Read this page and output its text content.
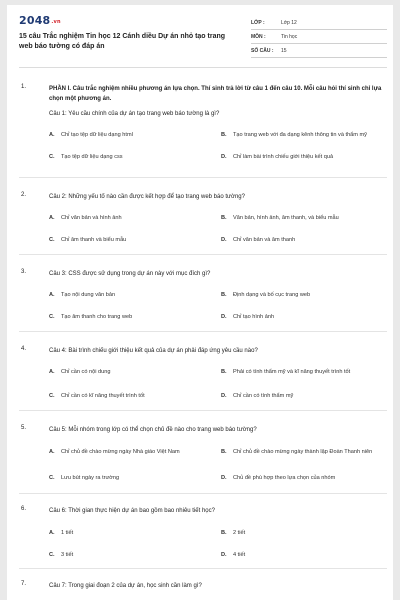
2048.vn
15 câu Trắc nghiệm Tin học 12 Cánh diều Dự án nhỏ tạo trang web báo tường có đáp án
LỚP :	Lớp 12
MÔN :	Tin học
SỐ CÂU :	15
1.	PHẦN I. Câu trắc nghiệm nhiều phương án lựa chọn. Thí sinh trả lời từ câu 1 đến câu 10. Mỗi câu hỏi thí sinh chỉ lựa chọn một phương án.
Câu 1: Yêu cầu chính của dự án tạo trang web báo tường là gì?
A.	Chỉ tạo tệp dữ liệu dạng html	B.	Tạo trang web với đa dạng kênh thông tin và thẩm mỹ
C.	Tạo tệp dữ liệu dạng css	D.	Chỉ làm bài trình chiếu giới thiệu kết quả
2.	Câu 2: Những yếu tố nào cần được kết hợp để tạo trang web báo tường?
A.	Chỉ văn bản và hình ảnh	B.	Văn bản, hình ảnh, âm thanh, và biểu mẫu
C.	Chỉ âm thanh và biểu mẫu	D.	Chỉ văn bản và âm thanh
3.	Câu 3: CSS được sử dụng trong dự án này với mục đích gì?
A.	Tạo nội dung văn bản	B.	Định dạng và bố cục trang web
C.	Tạo âm thanh cho trang web	D.	Chỉ tạo hình ảnh
4.	Câu 4: Bài trình chiếu giới thiệu kết quả của dự án phải đáp ứng yêu cầu nào?
A.	Chỉ cần có nội dung	B.	Phải có tính thẩm mỹ và kĩ năng thuyết trình tốt
C.	Chỉ cần có kĩ năng thuyết trình tốt	D.	Chỉ cần có tính thẩm mỹ
5.	Câu 5: Mỗi nhóm trong lớp có thể chọn chủ đề nào cho trang web báo tường?
A.	Chỉ chủ đề chào mừng ngày Nhà giáo Việt Nam	B.	Chỉ chủ đề chào mừng ngày thành lập Đoàn Thanh niên
C.	Lưu bút ngày ra trường	D.	Chủ đề phù hợp theo lựa chọn của nhóm
6.	Câu 6: Thời gian thực hiện dự án bao gồm bao nhiêu tiết học?
A.	1 tiết	B.	2 tiết
C.	3 tiết	D.	4 tiết
7.	Câu 7: Trong giai đoạn 2 của dự án, học sinh cần làm gì?
